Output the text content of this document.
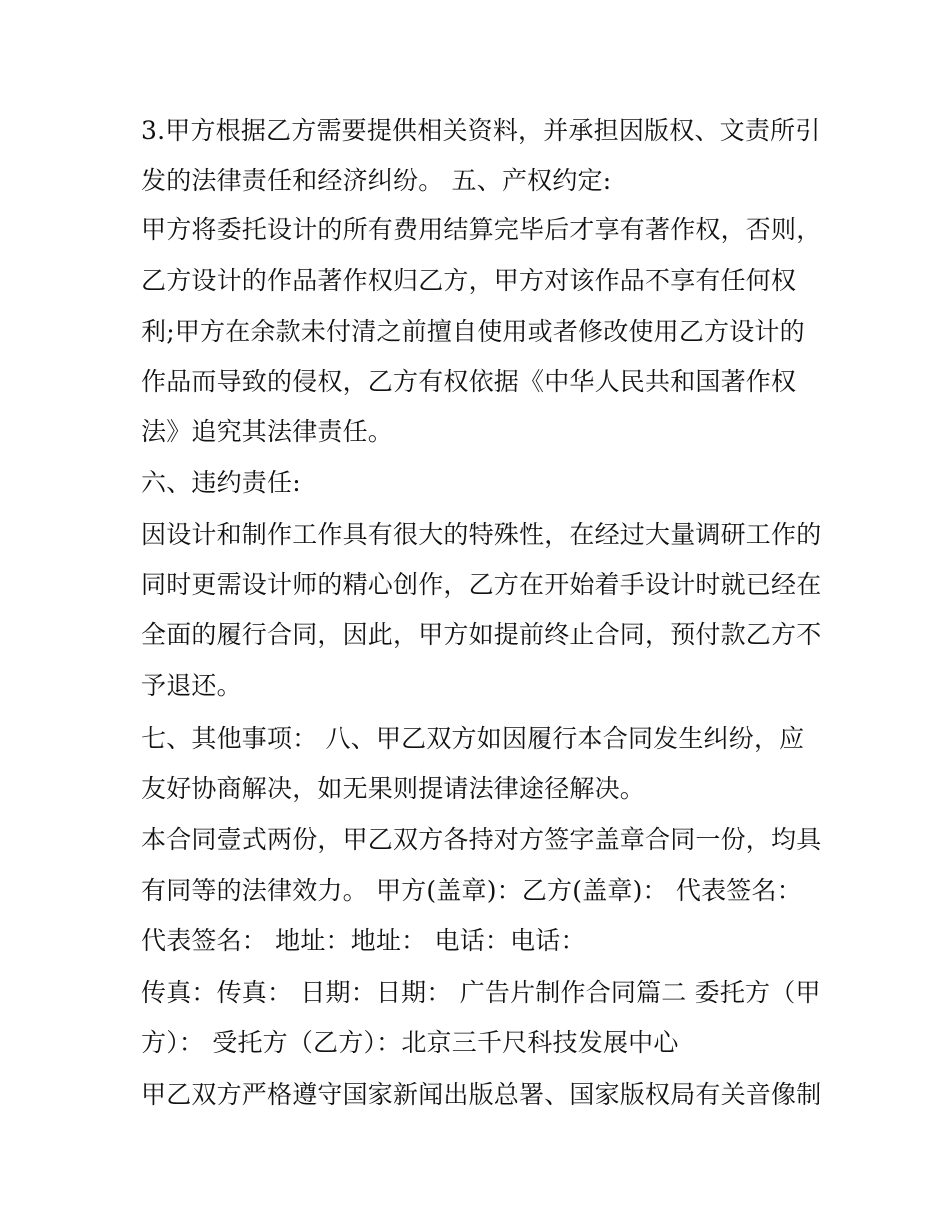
3.甲方根据乙方需要提供相关资料，并承担因版权、文责所引
发的法律责任和经济纠纷。 五、产权约定:
甲方将委托设计的所有费用结算完毕后才享有著作权，否则，
乙方设计的作品著作权归乙方，甲方对该作品不享有任何权
利;甲方在余款未付清之前擅自使用或者修改使用乙方设计的
作品而导致的侵权，乙方有权依据《中华人民共和国著作权
法》追究其法律责任。
六、违约责任:
因设计和制作工作具有很大的特殊性，在经过大量调研工作的
同时更需设计师的精心创作，乙方在开始着手设计时就已经在
全面的履行合同，因此，甲方如提前终止合同，预付款乙方不
予退还。
七、其他事项： 八、甲乙双方如因履行本合同发生纠纷，应
友好协商解决，如无果则提请法律途径解决。
本合同壹式两份，甲乙双方各持对方签字盖章合同一份，均具
有同等的法律效力。 甲方(盖章)：乙方(盖章)： 代表签名：
代表签名： 地址：地址： 电话：电话：
传真：传真： 日期：日期： 广告片制作合同篇二 委托方（甲
方）： 受托方（乙方）：北京三千尺科技发展中心
甲乙双方严格遵守国家新闻出版总署、国家版权局有关音像制
